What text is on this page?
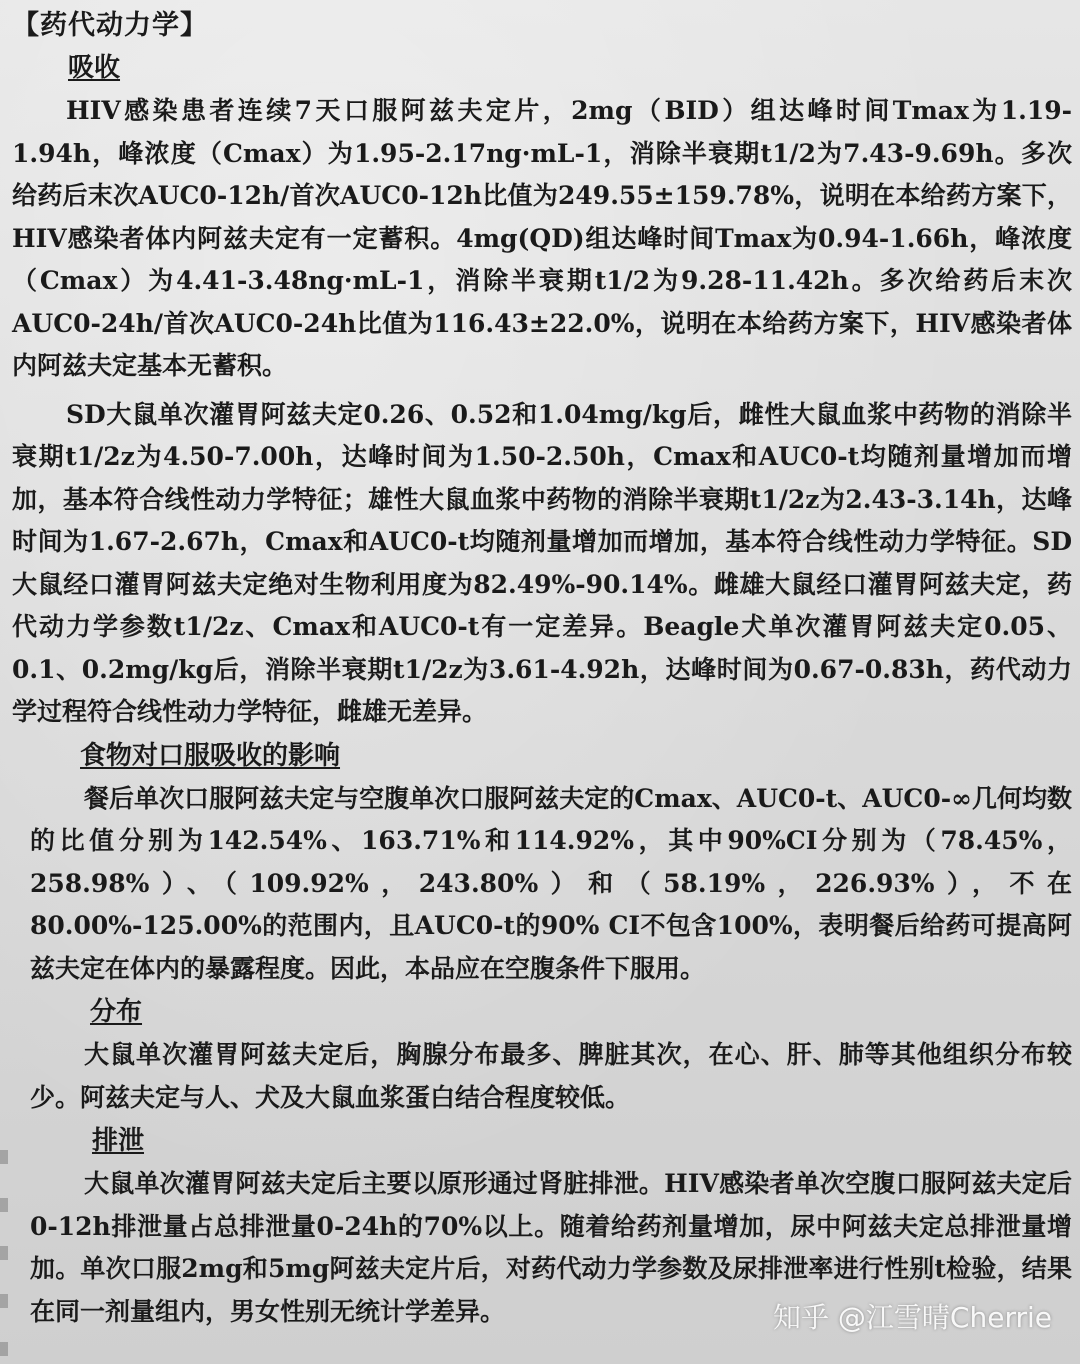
【药代动力学】
吸收

HIV感染患者连续7天口服阿兹夫定片，2mg（BID）组达峰时间Tmax为1.19-1.94h，峰浓度（Cmax）为1.95-2.17ng·mL-1，消除半衰期t1/2为7.43-9.69h。多次给药后末次AUC0-12h/首次AUC0-12h比值为249.55±159.78%，说明在本给药方案下，HIV感染者体内阿兹夫定有一定蓄积。4mg(QD)组达峰时间Tmax为0.94-1.66h，峰浓度（Cmax）为4.41-3.48ng·mL-1，消除半衰期t1/2为9.28-11.42h。多次给药后末次AUC0-24h/首次AUC0-24h比值为116.43±22.0%，说明在本给药方案下，HIV感染者体内阿兹夫定基本无蓄积。

SD大鼠单次灌胃阿兹夫定0.26、0.52和1.04mg/kg后，雌性大鼠血浆中药物的消除半衰期t1/2z为4.50-7.00h，达峰时间为1.50-2.50h，Cmax和AUC0-t均随剂量增加而增加，基本符合线性动力学特征；雄性大鼠血浆中药物的消除半衰期t1/2z为2.43-3.14h，达峰时间为1.67-2.67h，Cmax和AUC0-t均随剂量增加而增加，基本符合线性动力学特征。SD大鼠经口灌胃阿兹夫定绝对生物利用度为82.49%-90.14%。雌雄大鼠经口灌胃阿兹夫定，药代动力学参数t1/2z、Cmax和AUC0-t有一定差异。Beagle犬单次灌胃阿兹夫定0.05、0.1、0.2mg/kg后，消除半衰期t1/2z为3.61-4.92h，达峰时间为0.67-0.83h，药代动力学过程符合线性动力学特征，雌雄无差异。

食物对口服吸收的影响

餐后单次口服阿兹夫定与空腹单次口服阿兹夫定的Cmax、AUC0-t、AUC0-∞几何均数的比值分别为142.54%、163.71%和114.92%，其中90%CI分别为（78.45%，258.98%）、（109.92%，243.80%）和（58.19%，226.93%），不在80.00%-125.00%的范围内，且AUC0-t的90% CI不包含100%，表明餐后给药可提高阿兹夫定在体内的暴露程度。因此，本品应在空腹条件下服用。

分布

大鼠单次灌胃阿兹夫定后，胸腺分布最多、脾脏其次，在心、肝、肺等其他组织分布较少。阿兹夫定与人、犬及大鼠血浆蛋白结合程度较低。

排泄

大鼠单次灌胃阿兹夫定后主要以原形通过肾脏排泄。HIV感染者单次空腹口服阿兹夫定后0-12h排泄量占总排泄量0-24h的70%以上。随着给药剂量增加，尿中阿兹夫定总排泄量增加。单次口服2mg和5mg阿兹夫定片后，对药代动力学参数及尿排泄率进行性别t检验，结果在同一剂量组内，男女性别无统计学差异。	知乎 @江雪晴Cherrie
